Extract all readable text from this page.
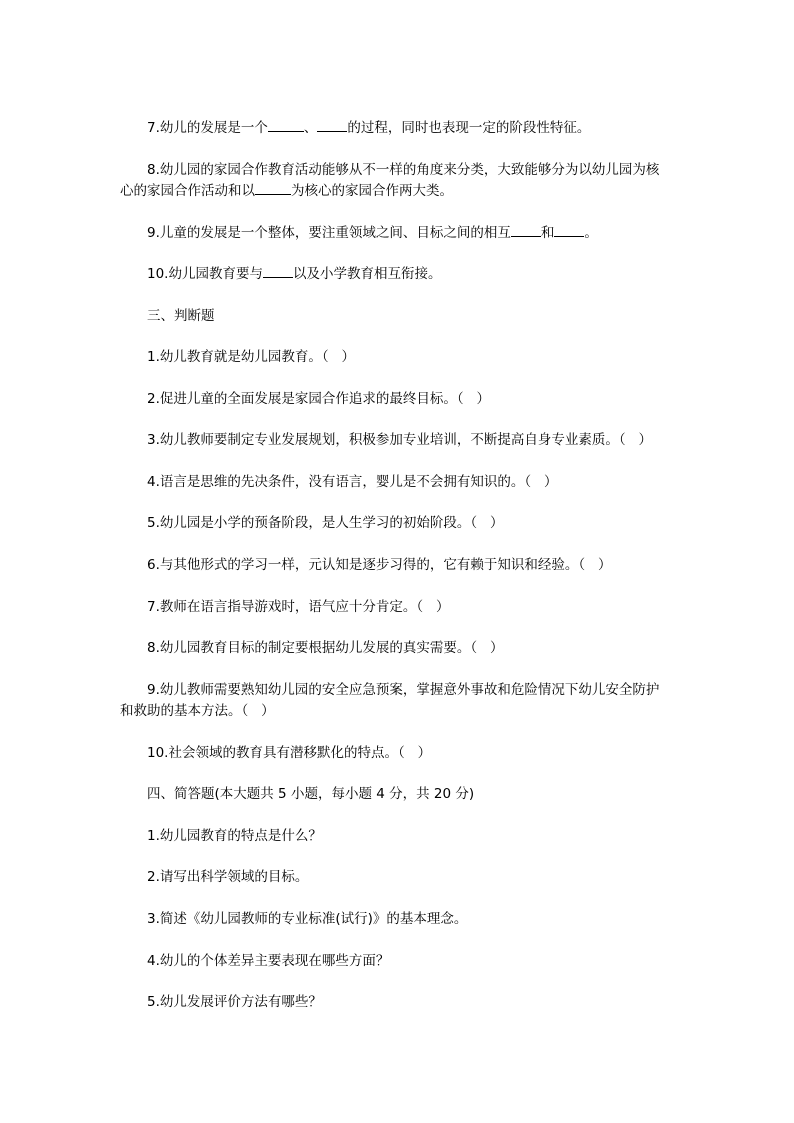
7.幼儿的发展是一个	、 的过程，同时也表现一定的阶段性特征。

8.幼儿园的家园合作教育活动能够从不一样的角度来分类，大致能够分为以幼儿园为核心的家园合作活动和以	为核心的家园合作两大类。

9.儿童的发展是一个整体，要注重领域之间、目标之间的相互 和 。

10.幼儿园教育要与 以及小学教育相互衔接。

三、判断题

1.幼儿教育就是幼儿园教育。（   ）

2.促进儿童的全面发展是家园合作追求的最终目标。（   ）

3.幼儿教师要制定专业发展规划，积极参加专业培训，不断提高自身专业素质。（   ）

4.语言是思维的先决条件，没有语言，婴儿是不会拥有知识的。（   ）

5.幼儿园是小学的预备阶段，是人生学习的初始阶段。（   ）

6.与其他形式的学习一样，元认知是逐步习得的，它有赖于知识和经验。（   ）

7.教师在语言指导游戏时，语气应十分肯定。（   ）

8.幼儿园教育目标的制定要根据幼儿发展的真实需要。（   ）

9.幼儿教师需要熟知幼儿园的安全应急预案，掌握意外事故和危险情况下幼儿安全防护和救助的基本方法。（   ）

10.社会领域的教育具有潜移默化的特点。（   ）

四、简答题(本大题共 5 小题，每小题 4 分，共 20 分)

1.幼儿园教育的特点是什么？

2.请写出科学领域的目标。

3.简述《幼儿园教师的专业标准(试行)》的基本理念。

4.幼儿的个体差异主要表现在哪些方面？

5.幼儿发展评价方法有哪些？
